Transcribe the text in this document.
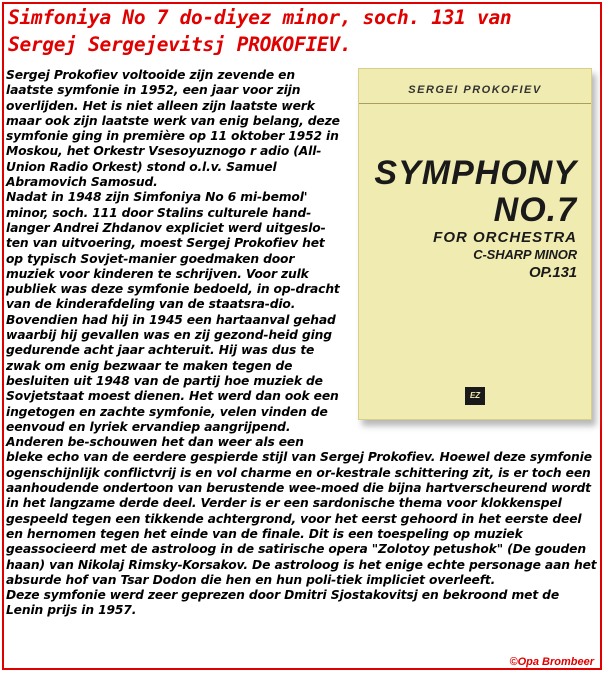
Simfoniya No 7 do-diyez minor, soch. 131 van
Sergej Sergejevitsj PROKOFIEV.
SERGEI PROKOFIEV
SYMPHONY
NO.7
FOR ORCHESTRA
C-SHARP MINOR
OP.131
EZ
Sergej Prokofiev voltooide zijn zevende en laatste symfonie in 1952, een jaar voor zijn overlijden. Het is niet alleen zijn laatste werk maar ook zijn laatste werk van enig belang, deze symfonie ging in première op 11 oktober 1952 in Moskou, het Orkestr Vsesoyuznogo r adio (All-Union Radio Orkest) stond o.l.v. Samuel Abramovich Samosud.
Nadat in 1948 zijn Simfoniya No 6 mi-bemol' minor, soch. 111 door Stalins culturele hand-langer Andrei Zhdanov expliciet werd uitgeslo-ten van uitvoering, moest Sergej Prokofiev het op typisch Sovjet-manier goedmaken door muziek voor kinderen te schrijven. Voor zulk publiek was deze symfonie bedoeld, in op-dracht van de kinderafdeling van de staatsra-dio. Bovendien had hij in 1945 een hartaanval gehad waarbij hij gevallen was en zij gezond-heid ging gedurende acht jaar achteruit. Hij was dus te zwak om enig bezwaar te maken tegen de besluiten uit 1948 van de partij hoe muziek de Sovjetstaat moest dienen. Het werd dan ook een ingetogen en zachte symfonie, velen vinden de eenvoud en lyriek ervandiep aangrijpend. Anderen be-schouwen het dan weer als een bleke echo van de eerdere gespierde stijl van Sergej Prokofiev. Hoewel deze symfonie ogenschijnlijk conflictvrij is en vol charme en or-kestrale schittering zit, is er toch een aanhoudende ondertoon van berustende wee-moed die bijna hartverscheurend wordt in het langzame derde deel. Verder is er een sardonische thema voor klokkenspel gespeeld tegen een tikkende achtergrond, voor het eerst gehoord in het eerste deel en hernomen tegen het einde van de finale. Dit is een toespeling op muziek geassocieerd met de astroloog in de satirische opera "Zolotoy petushok" (De gouden haan) van Nikolaj Rimsky-Korsakov. De astroloog is het enige echte personage aan het absurde hof van Tsar Dodon die hen en hun poli-tiek impliciet overleeft.
Deze symfonie werd zeer geprezen door Dmitri Sjostakovitsj en bekroond met de Lenin prijs in 1957.
©Opa Brombeer
